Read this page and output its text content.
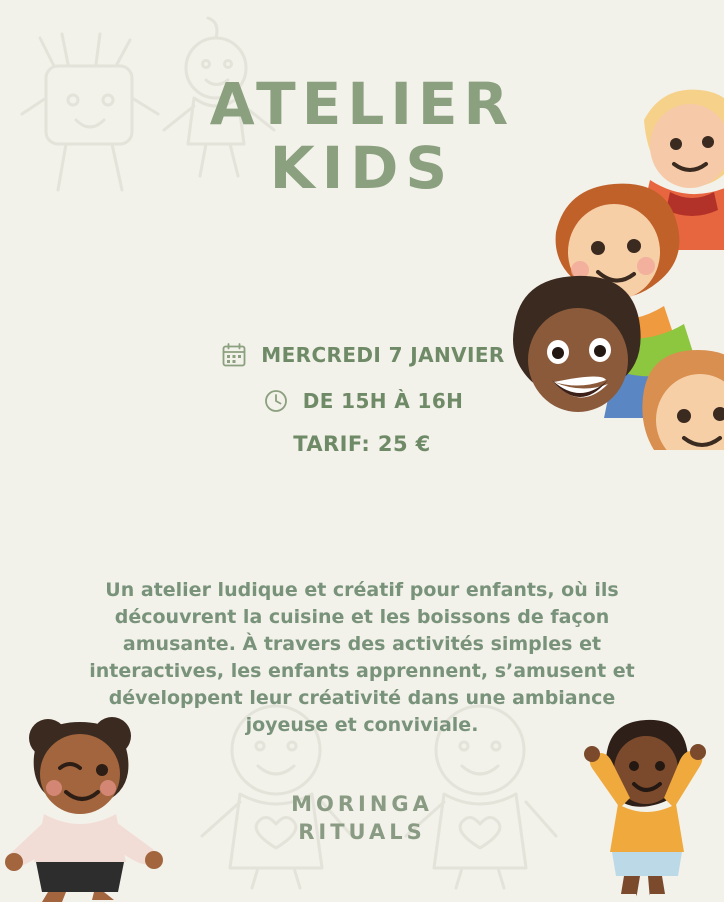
ATELIER
KIDS
MERCREDI 7 JANVIER
DE 15H À 16H
TARIF: 25 €

Un atelier ludique et créatif pour enfants, où ils découvrent la cuisine et les boissons de façon amusante. À travers des activités simples et interactives, les enfants apprennent, s’amusent et développent leur créativité dans une ambiance joyeuse et conviviale.

MORINGA
RITUALS
